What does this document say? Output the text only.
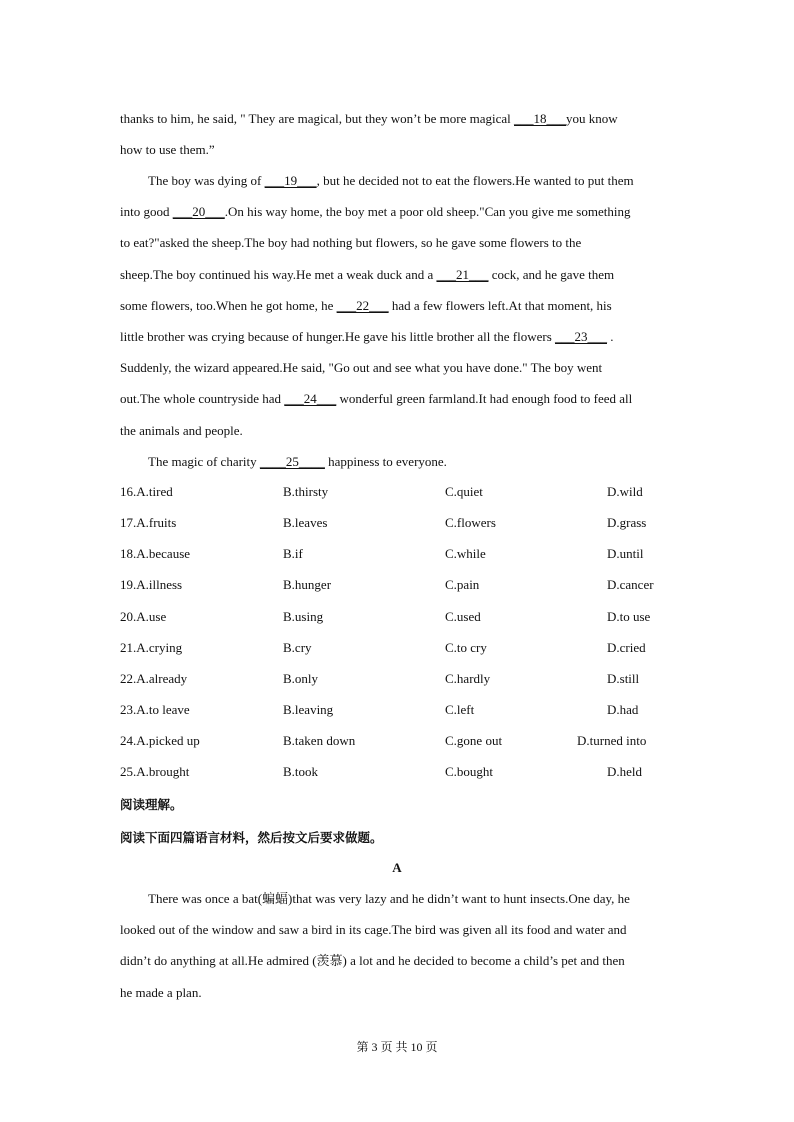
thanks to him, he said, " They are magical, but they won’t be more magical ___18___you know
how to use them.”
The boy was dying of ___19___, but he decided not to eat the flowers.He wanted to put them
into good ___20___.On his way home, the boy met a poor old sheep."Can you give me something
to eat?"asked the sheep.The boy had nothing but flowers, so he gave some flowers to the
sheep.The boy continued his way.He met a weak duck and a ___21___ cock, and he gave them
some flowers, too.When he got home, he ___22___ had a few flowers left.At that moment, his
little brother was crying because of hunger.He gave his little brother all the flowers ___23___ .
Suddenly, the wizard appeared.He said, "Go out and see what you have done." The boy went
out.The whole countryside had ___24___ wonderful green farmland.It had enough food to feed all
the animals and people.
The magic of charity ____25____ happiness to everyone.
16.A.tired	B.thirsty	C.quiet	D.wild
17.A.fruits	B.leaves	C.flowers	D.grass
18.A.because	B.if	C.while	D.until
19.A.illness	B.hunger	C.pain	D.cancer
20.A.use	B.using	C.used	D.to use
21.A.crying	B.cry	C.to cry	D.cried
22.A.already	B.only	C.hardly	D.still
23.A.to leave	B.leaving	C.left	D.had
24.A.picked up	B.taken down	C.gone out	D.turned into
25.A.brought	B.took	C.bought	D.held
阅读理解。
阅读下面四篇语言材料，然后按文后要求做题。
A
There was once a bat(蝙蝠)that was very lazy and he didn’t want to hunt insects.One day, he
looked out of the window and saw a bird in its cage.The bird was given all its food and water and
didn’t do anything at all.He admired (羡慕) a lot and he decided to become a child’s pet and then
he made a plan.
第 3 页 共 10 页
